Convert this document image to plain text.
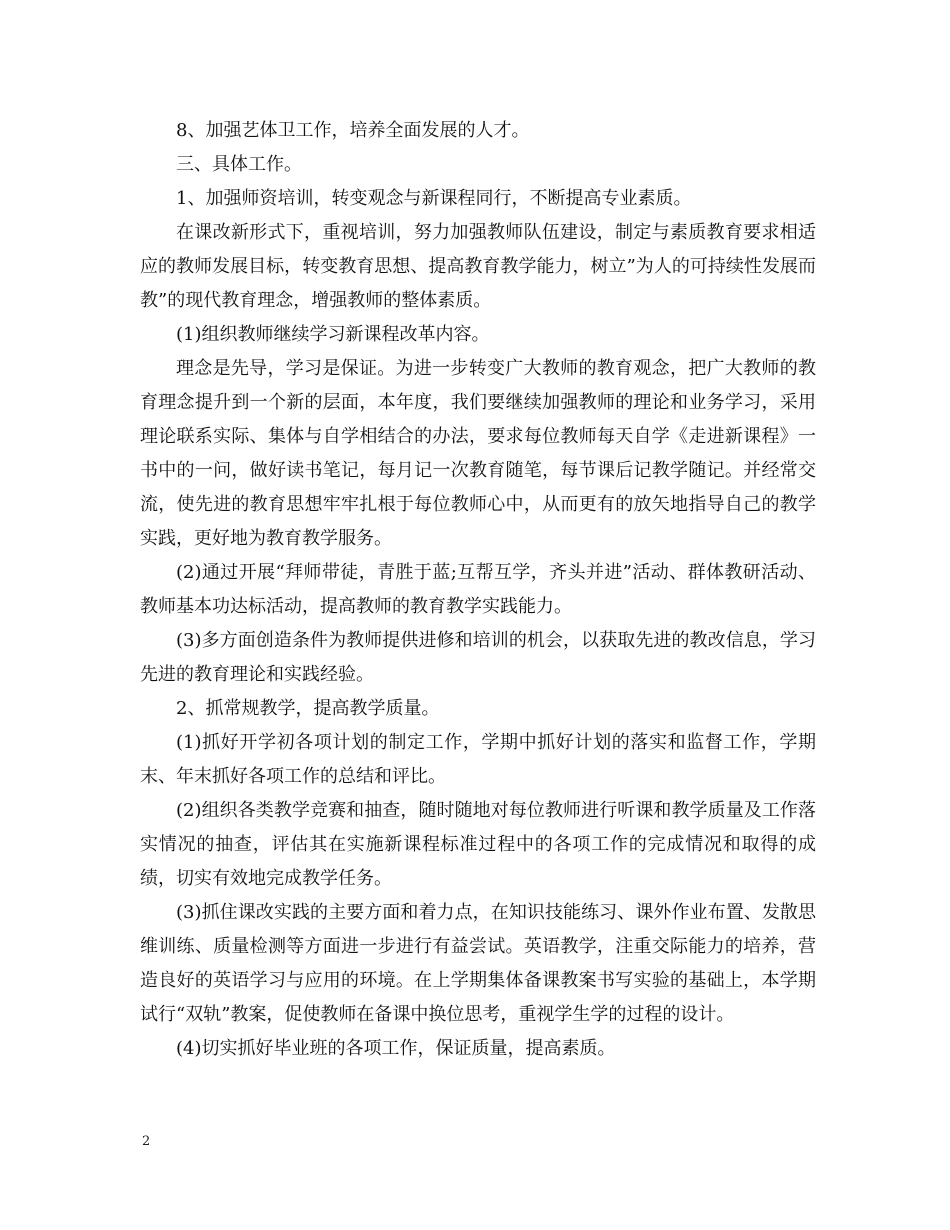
8、加强艺体卫工作，培养全面发展的人才。

三、具体工作。

1、加强师资培训，转变观念与新课程同行，不断提高专业素质。

在课改新形式下，重视培训，努力加强教师队伍建设，制定与素质教育要求相适应的教师发展目标，转变教育思想、提高教育教学能力，树立”为人的可持续性发展而教”的现代教育理念，增强教师的整体素质。

(1)组织教师继续学习新课程改革内容。

理念是先导，学习是保证。为进一步转变广大教师的教育观念，把广大教师的教育理念提升到一个新的层面，本年度，我们要继续加强教师的理论和业务学习，采用理论联系实际、集体与自学相结合的办法，要求每位教师每天自学《走进新课程》一书中的一问，做好读书笔记，每月记一次教育随笔，每节课后记教学随记。并经常交流，使先进的教育思想牢牢扎根于每位教师心中，从而更有的放矢地指导自己的教学实践，更好地为教育教学服务。

(2)通过开展“拜师带徒，青胜于蓝;互帮互学，齐头并进”活动、群体教研活动、教师基本功达标活动，提高教师的教育教学实践能力。

(3)多方面创造条件为教师提供进修和培训的机会，以获取先进的教改信息，学习先进的教育理论和实践经验。

2、抓常规教学，提高教学质量。

(1)抓好开学初各项计划的制定工作，学期中抓好计划的落实和监督工作，学期末、年末抓好各项工作的总结和评比。

(2)组织各类教学竞赛和抽查，随时随地对每位教师进行听课和教学质量及工作落实情况的抽查，评估其在实施新课程标准过程中的各项工作的完成情况和取得的成绩，切实有效地完成教学任务。

(3)抓住课改实践的主要方面和着力点，在知识技能练习、课外作业布置、发散思维训练、质量检测等方面进一步进行有益尝试。英语教学，注重交际能力的培养，营造良好的英语学习与应用的环境。在上学期集体备课教案书写实验的基础上，本学期试行“双轨”教案，促使教师在备课中换位思考，重视学生学的过程的设计。

(4)切实抓好毕业班的各项工作，保证质量，提高素质。

2
